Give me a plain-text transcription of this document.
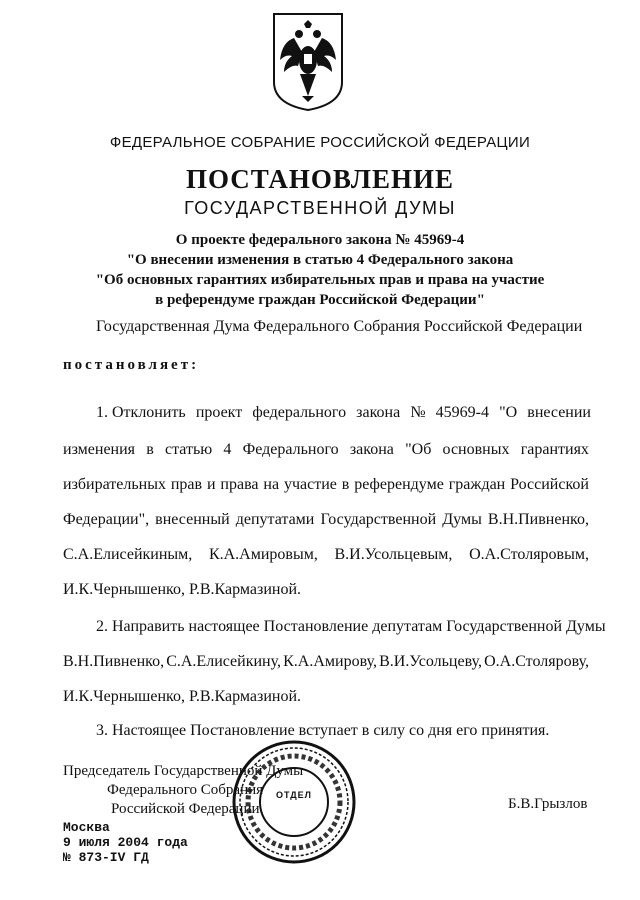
ФЕДЕРАЛЬНОЕ СОБРАНИЕ РОССИЙСКОЙ ФЕДЕРАЦИИ
ПОСТАНОВЛЕНИЕ
ГОСУДАРСТВЕННОЙ ДУМЫ
О проекте федерального закона № 45969-4
"О внесении изменения в статью 4 Федерального закона
"Об основных гарантиях избирательных прав и права на участие
в референдуме граждан Российской Федерации"
Государственная Дума Федерального Собрания Российской Федерации
постановляет:
1. Отклонить проект федерального закона № 45969-4 "О внесении
изменения в статью 4 Федерального закона "Об основных гарантиях
избирательных прав и права на участие в референдуме граждан Российской
Федерации", внесенный депутатами Государственной Думы В.Н.Пивненко,
С.А.Елисейкиным, К.А.Амировым, В.И.Усольцевым, О.А.Столяровым,
И.К.Чернышенко, Р.В.Кармазиной.
2. Направить настоящее Постановление депутатам Государственной Думы
В.Н.Пивненко, С.А.Елисейкину, К.А.Амирову, В.И.Усольцеву, О.А.Столярову,
И.К.Чернышенко, Р.В.Кармазиной.
3. Настоящее Постановление вступает в силу со дня его принятия.
Председатель Государственной Думы
Федерального Собрания
Российской Федерации
ОТДЕЛ
Б.В.Грызлов
Москва
9 июля 2004 года
№ 873-IV ГД
